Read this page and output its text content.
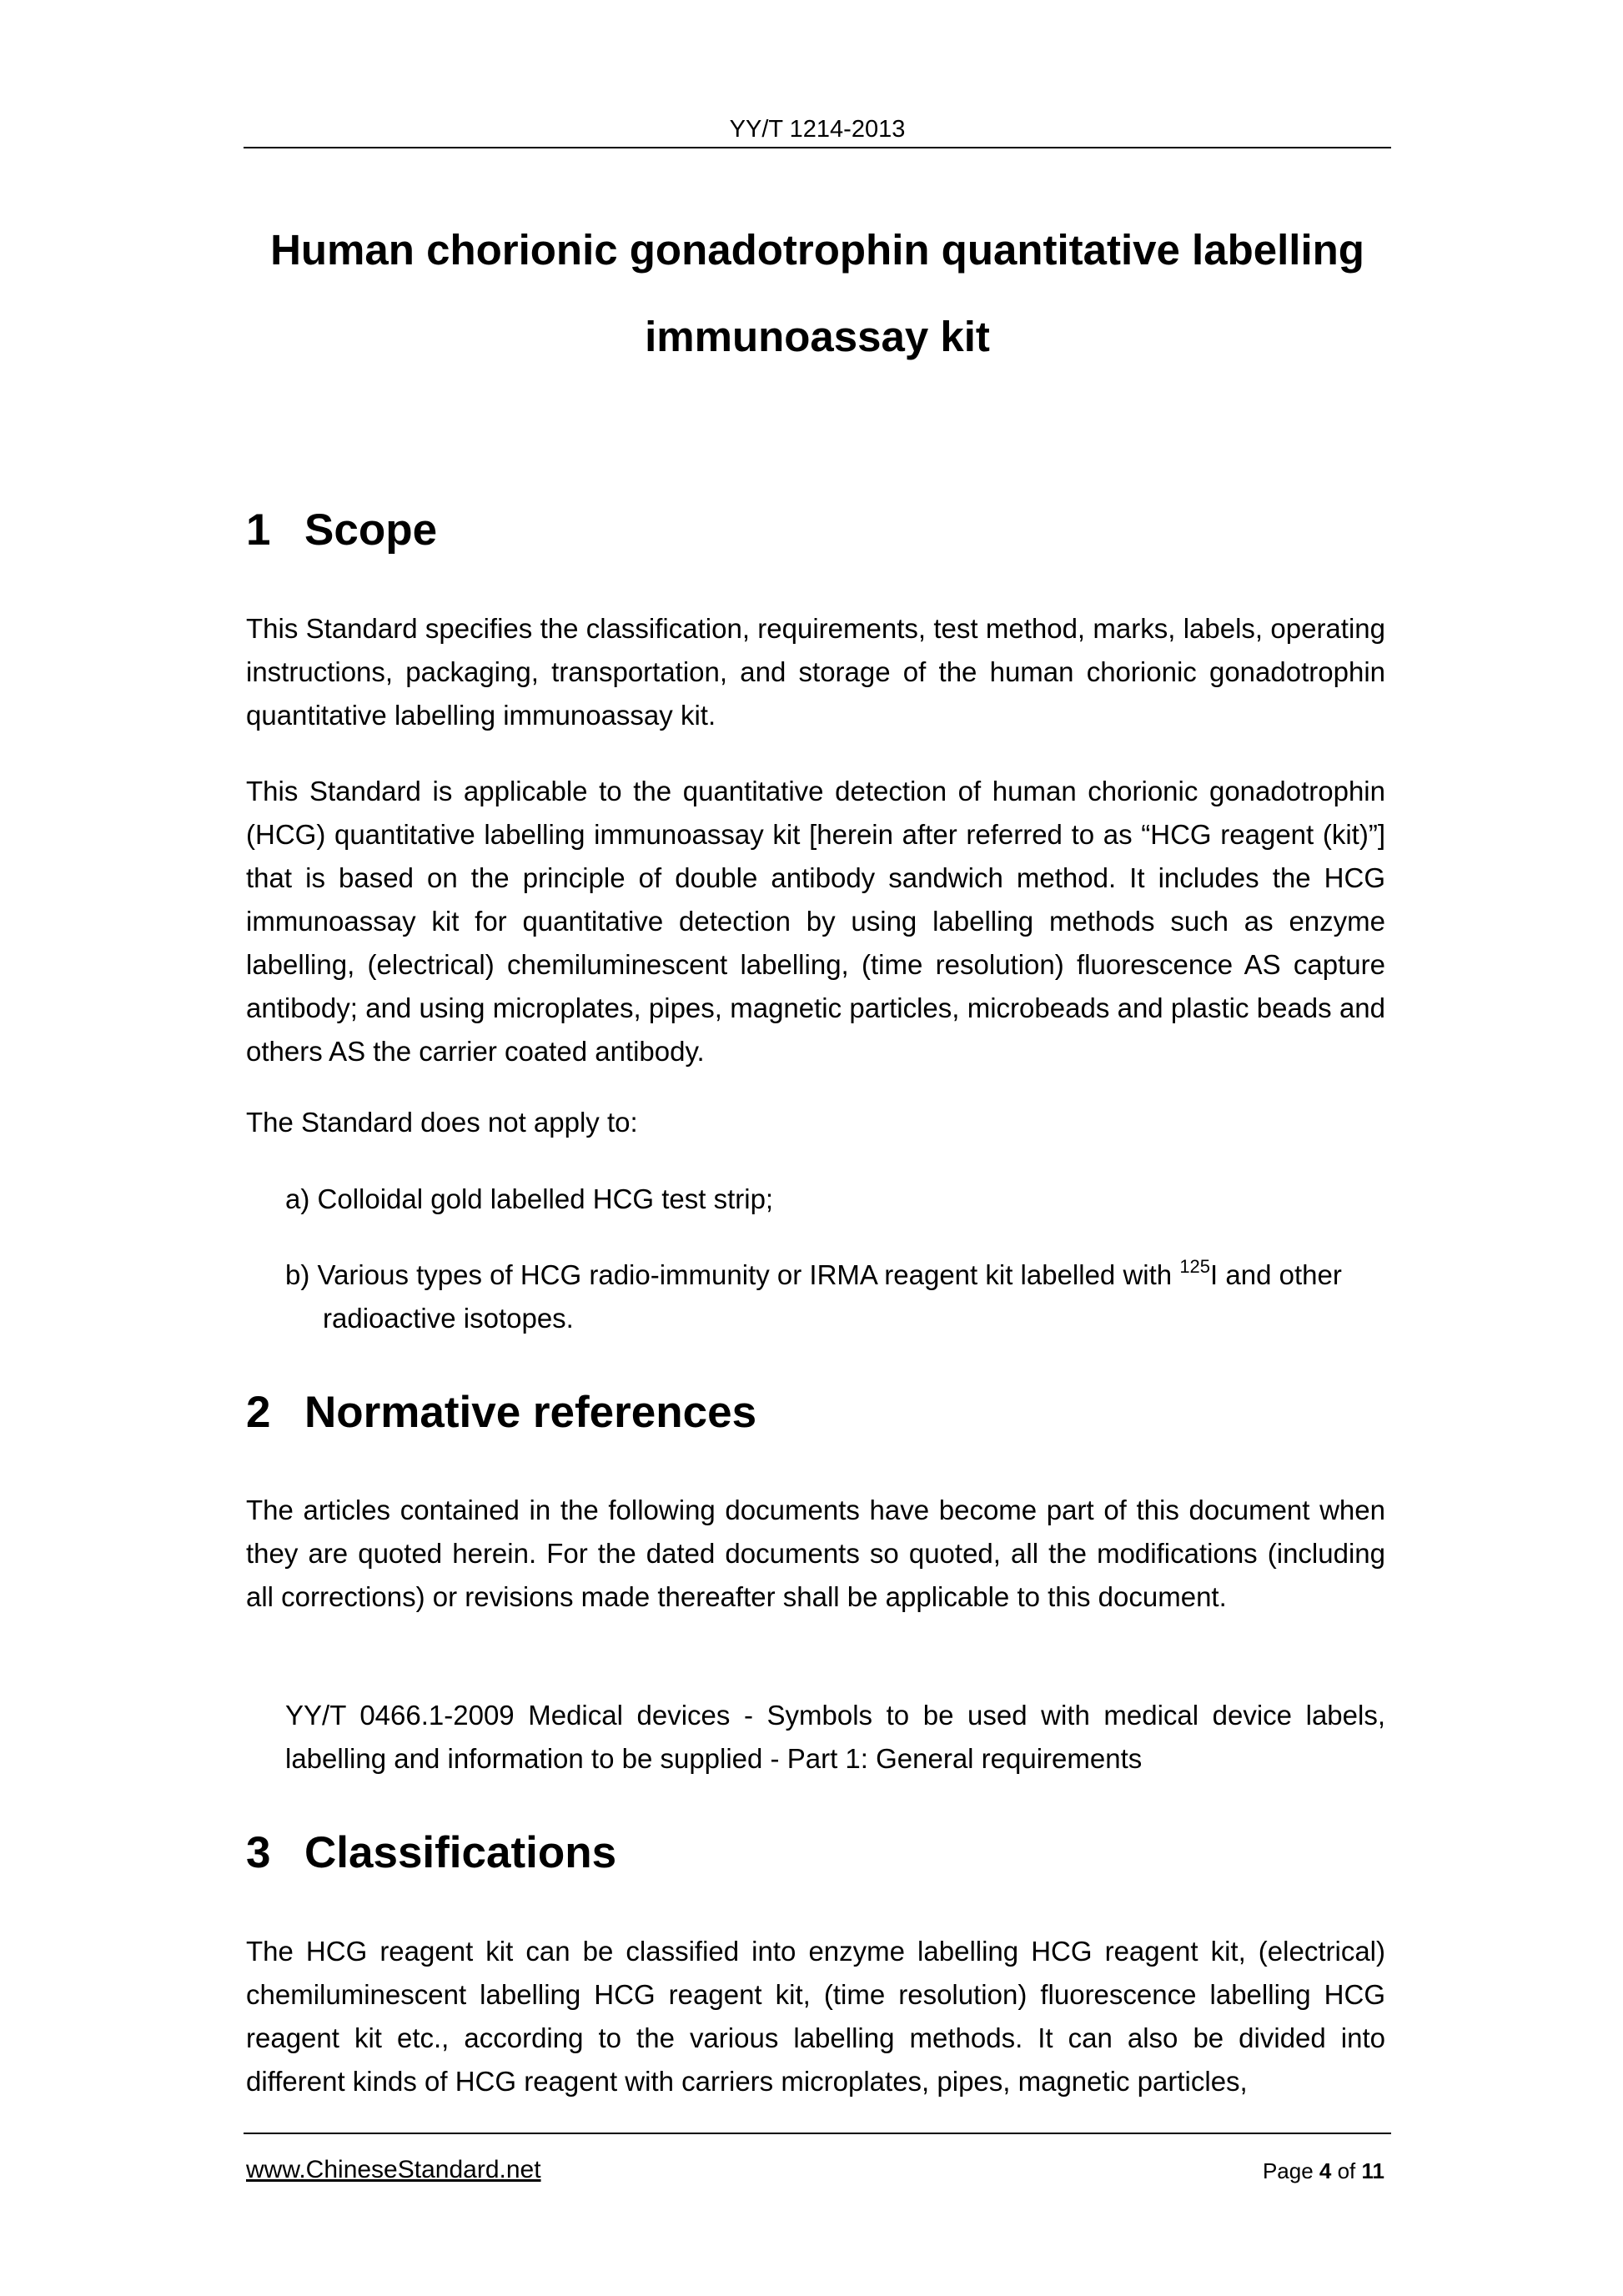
YY/T 1214-2013
Human chorionic gonadotrophin quantitative labelling
immunoassay kit
1 Scope

This Standard specifies the classification, requirements, test method, marks, labels, operating instructions, packaging, transportation, and storage of the human chorionic gonadotrophin quantitative labelling immunoassay kit.

This Standard is applicable to the quantitative detection of human chorionic gonadotrophin (HCG) quantitative labelling immunoassay kit [herein after referred to as “HCG reagent (kit)”] that is based on the principle of double antibody sandwich method. It includes the HCG immunoassay kit for quantitative detection by using labelling methods such as enzyme labelling, (electrical) chemiluminescent labelling, (time resolution) fluorescence AS capture antibody; and using microplates, pipes, magnetic particles, microbeads and plastic beads and others AS the carrier coated antibody.

The Standard does not apply to:

a) Colloidal gold labelled HCG test strip;

b) Various types of HCG radio-immunity or IRMA reagent kit labelled with $^{125}$I and other radioactive isotopes.

2 Normative references

The articles contained in the following documents have become part of this document when they are quoted herein. For the dated documents so quoted, all the modifications (including all corrections) or revisions made thereafter shall be applicable to this document.

YY/T 0466.1-2009 Medical devices - Symbols to be used with medical device labels, labelling and information to be supplied - Part 1: General requirements

3 Classifications

The HCG reagent kit can be classified into enzyme labelling HCG reagent kit, (electrical) chemiluminescent labelling HCG reagent kit, (time resolution) fluorescence labelling HCG reagent kit etc., according to the various labelling methods. It can also be divided into different kinds of HCG reagent with carriers microplates, pipes, magnetic particles,

www.ChineseStandard.net	Page 4 of 11
